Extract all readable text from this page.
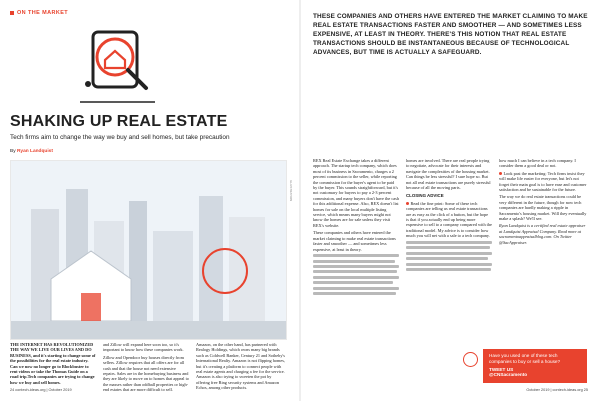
ON THE MARKET
SHAKING UP REAL ESTATE
Tech firms aim to change the way we buy and sell homes, but take precaution
By Ryan Landquist
ILLUSTRATION

THE INTERNET HAS REVOLUTIONIZED THE WAY WE LIVE OUR LIVES AND DO BUSINESS, and it's starting to change some of the possibilities for the real estate industry. Can we now no longer go to Blockbuster to rent videos or take the Thomas Guide on a road trip.Tech companies are trying to change how we buy and sell homes.

and Zillow will expand here soon too, so it's important to know how these companies work.

Zillow and Opendoor buy houses directly from sellers. Zillow requires that all offers are for all cash and that the house not need extensive repairs. Sales are in the homebuying business and they are likely to move on to homes that appeal to the masses rather than oddball properties or high-end estates that are more difficult to sell.

Amazon, on the other hand, has partnered with Realogy Holdings, which owns many big brands such as Coldwell Banker, Century 21 and Sotheby's International Realty. Amazon is not flipping homes, but it's creating a platform to connect people with real estate agents and charging a fee for the service. Amazon is also trying to sweeten the pot by offering free Ring security systems and Amazon Echos, among other products.

24 contech-ideas.org | October 2019
THESE COMPANIES AND OTHERS HAVE ENTERED THE MARKET CLAIMING TO MAKE REAL ESTATE TRANSACTIONS FASTER AND SMOOTHER — AND SOMETIMES LESS EXPENSIVE, AT LEAST IN THEORY. THERE'S THIS NOTION THAT REAL ESTATE TRANSACTIONS SHOULD BE INSTANTANEOUS BECAUSE OF TECHNOLOGICAL ADVANCES, BUT TIME IS ACTUALLY A SAFEGUARD.

REX Real Estate Exchange takes a different approach. The startup tech company, which does most of its business in Sacramento, charges a 2 percent commission to the seller, while reporting the commission for the buyer's agent to be paid by the buyer. This sounds straightforward, but it's not customary for buyers to pay a 2-3 percent commission, and many buyers don't have the cash for this additional expense. Also, REX doesn't list homes for sale on the local multiple listing service, which means many buyers might not know the homes are for sale unless they visit REX's website.

These companies and others have entered the market claiming to make real estate transactions faster and smoother — and sometimes less expensive, at least in theory.

homes are involved. There are real people trying to negotiate, advocate for their interests and navigate the complexities of the housing market. Can things be less stressful? I sure hope so. But not all real estate transactions are purely stressful because of all the moving parts.

CLOSING ADVICE

Read the fine print: Some of these tech companies are telling us real estate transactions are as easy as the click of a button, but the hope is that if you actually end up being more expensive to sell to a company compared with the traditional model. My advice is to consider how much you will net with a sale to a tech company.

how much I can believe in a tech company. I consider them a good deal or not.

Look past the marketing: Tech firms insist they will make life easier for everyone, but let's not forget their main goal is to have ease and customer satisfaction and be sustainable for the future.

The way we do real estate transactions could be very different in the future, though for now tech companies are hardly making a ripple in Sacramento's housing market. Will they eventually make a splash? We'll see.

Ryan Landquist is a certified real estate appraiser at Landquist Appraisal Company. Read more at sacramentoappraisalblog.com. On Twitter @SacAppraiser.

Have you used one of these tech companies to buy or sell a house?
TWEET US
@CNSacramento
October 2019 | contech-ideas.org 25
